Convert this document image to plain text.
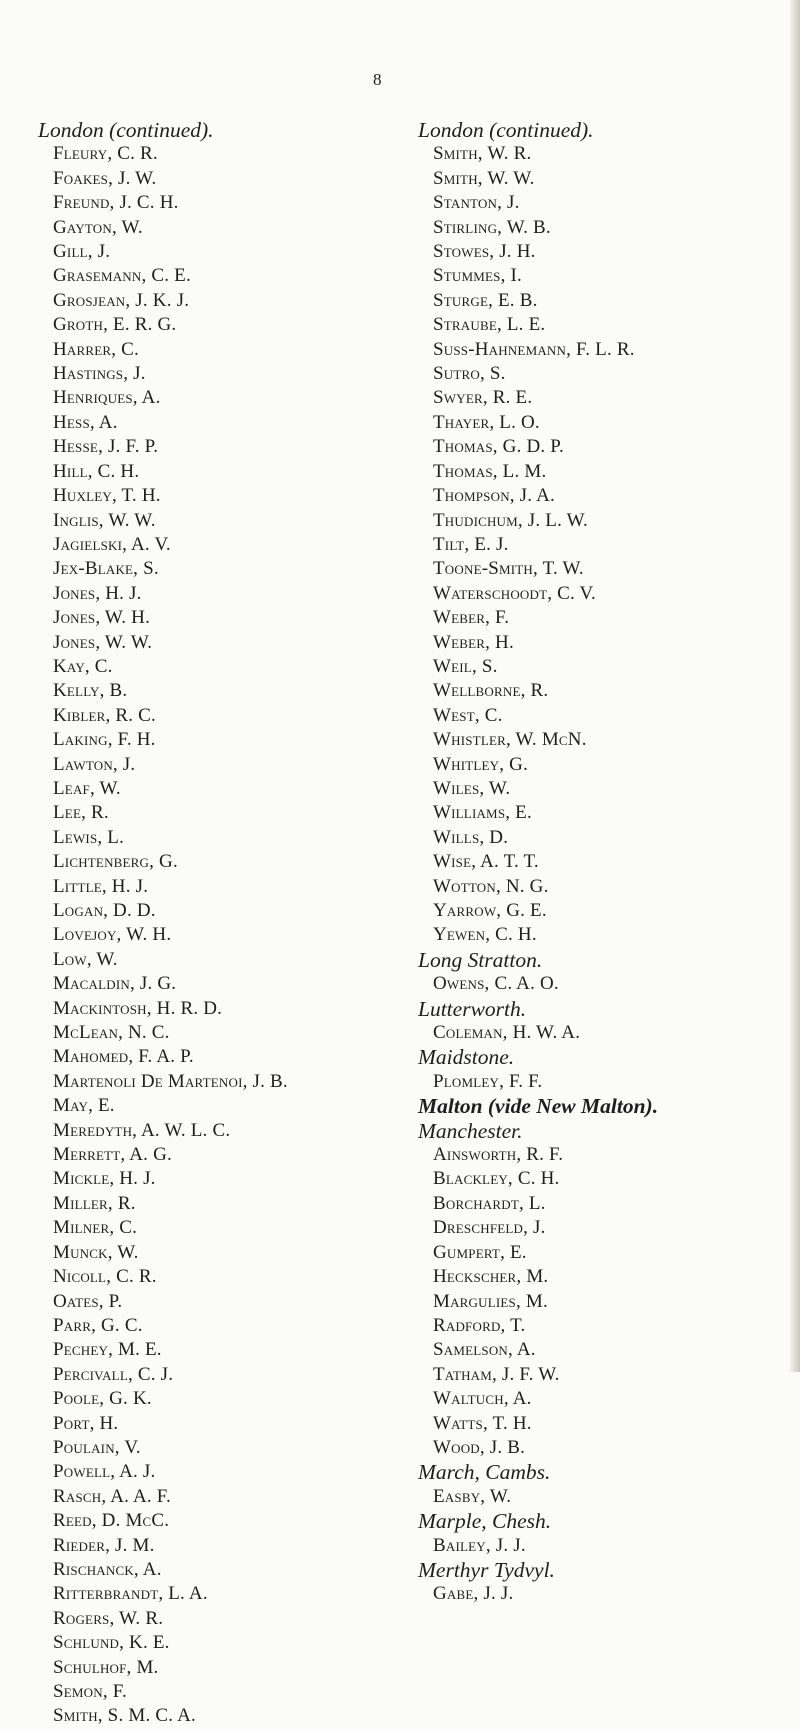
8
London (continued).
Fleury, C. R.
Foakes, J. W.
Freund, J. C. H.
Gayton, W.
Gill, J.
Grasemann, C. E.
Grosjean, J. K. J.
Groth, E. R. G.
Harrer, C.
Hastings, J.
Henriques, A.
Hess, A.
Hesse, J. F. P.
Hill, C. H.
Huxley, T. H.
Inglis, W. W.
Jagielski, A. V.
Jex-Blake, S.
Jones, H. J.
Jones, W. H.
Jones, W. W.
Kay, C.
Kelly, B.
Kibler, R. C.
Laking, F. H.
Lawton, J.
Leaf, W.
Lee, R.
Lewis, L.
Lichtenberg, G.
Little, H. J.
Logan, D. D.
Lovejoy, W. H.
Low, W.
Macaldin, J. G.
Mackintosh, H. R. D.
McLean, N. C.
Mahomed, F. A. P.
Martenoli De Martenoi, J. B.
May, E.
Meredyth, A. W. L. C.
Merrett, A. G.
Mickle, H. J.
Miller, R.
Milner, C.
Munck, W.
Nicoll, C. R.
Oates, P.
Parr, G. C.
Pechey, M. E.
Percivall, C. J.
Poole, G. K.
Port, H.
Poulain, V.
Powell, A. J.
Rasch, A. A. F.
Reed, D. McC.
Rieder, J. M.
Rischanck, A.
Ritterbrandt, L. A.
Rogers, W. R.
Schlund, K. E.
Schulhof, M.
Semon, F.
Smith, S. M. C. A.
London (continued).
Smith, W. R.
Smith, W. W.
Stanton, J.
Stirling, W. B.
Stowes, J. H.
Stummes, I.
Sturge, E. B.
Straube, L. E.
Suss-Hahnemann, F. L. R.
Sutro, S.
Swyer, R. E.
Thayer, L. O.
Thomas, G. D. P.
Thomas, L. M.
Thompson, J. A.
Thudichum, J. L. W.
Tilt, E. J.
Toone-Smith, T. W.
Waterschoodt, C. V.
Weber, F.
Weber, H.
Weil, S.
Wellborne, R.
West, C.
Whistler, W. McN.
Whitley, G.
Wiles, W.
Williams, E.
Wills, D.
Wise, A. T. T.
Wotton, N. G.
Yarrow, G. E.
Yewen, C. H.
Long Stratton.
Owens, C. A. O.
Lutterworth.
Coleman, H. W. A.
Maidstone.
Plomley, F. F.
Malton (vide New Malton).
Manchester.
Ainsworth, R. F.
Blackley, C. H.
Borchardt, L.
Dreschfeld, J.
Gumpert, E.
Heckscher, M.
Margulies, M.
Radford, T.
Samelson, A.
Tatham, J. F. W.
Waltuch, A.
Watts, T. H.
Wood, J. B.
March, Cambs.
Easby, W.
Marple, Chesh.
Bailey, J. J.
Merthyr Tydvyl.
Gabe, J. J.
